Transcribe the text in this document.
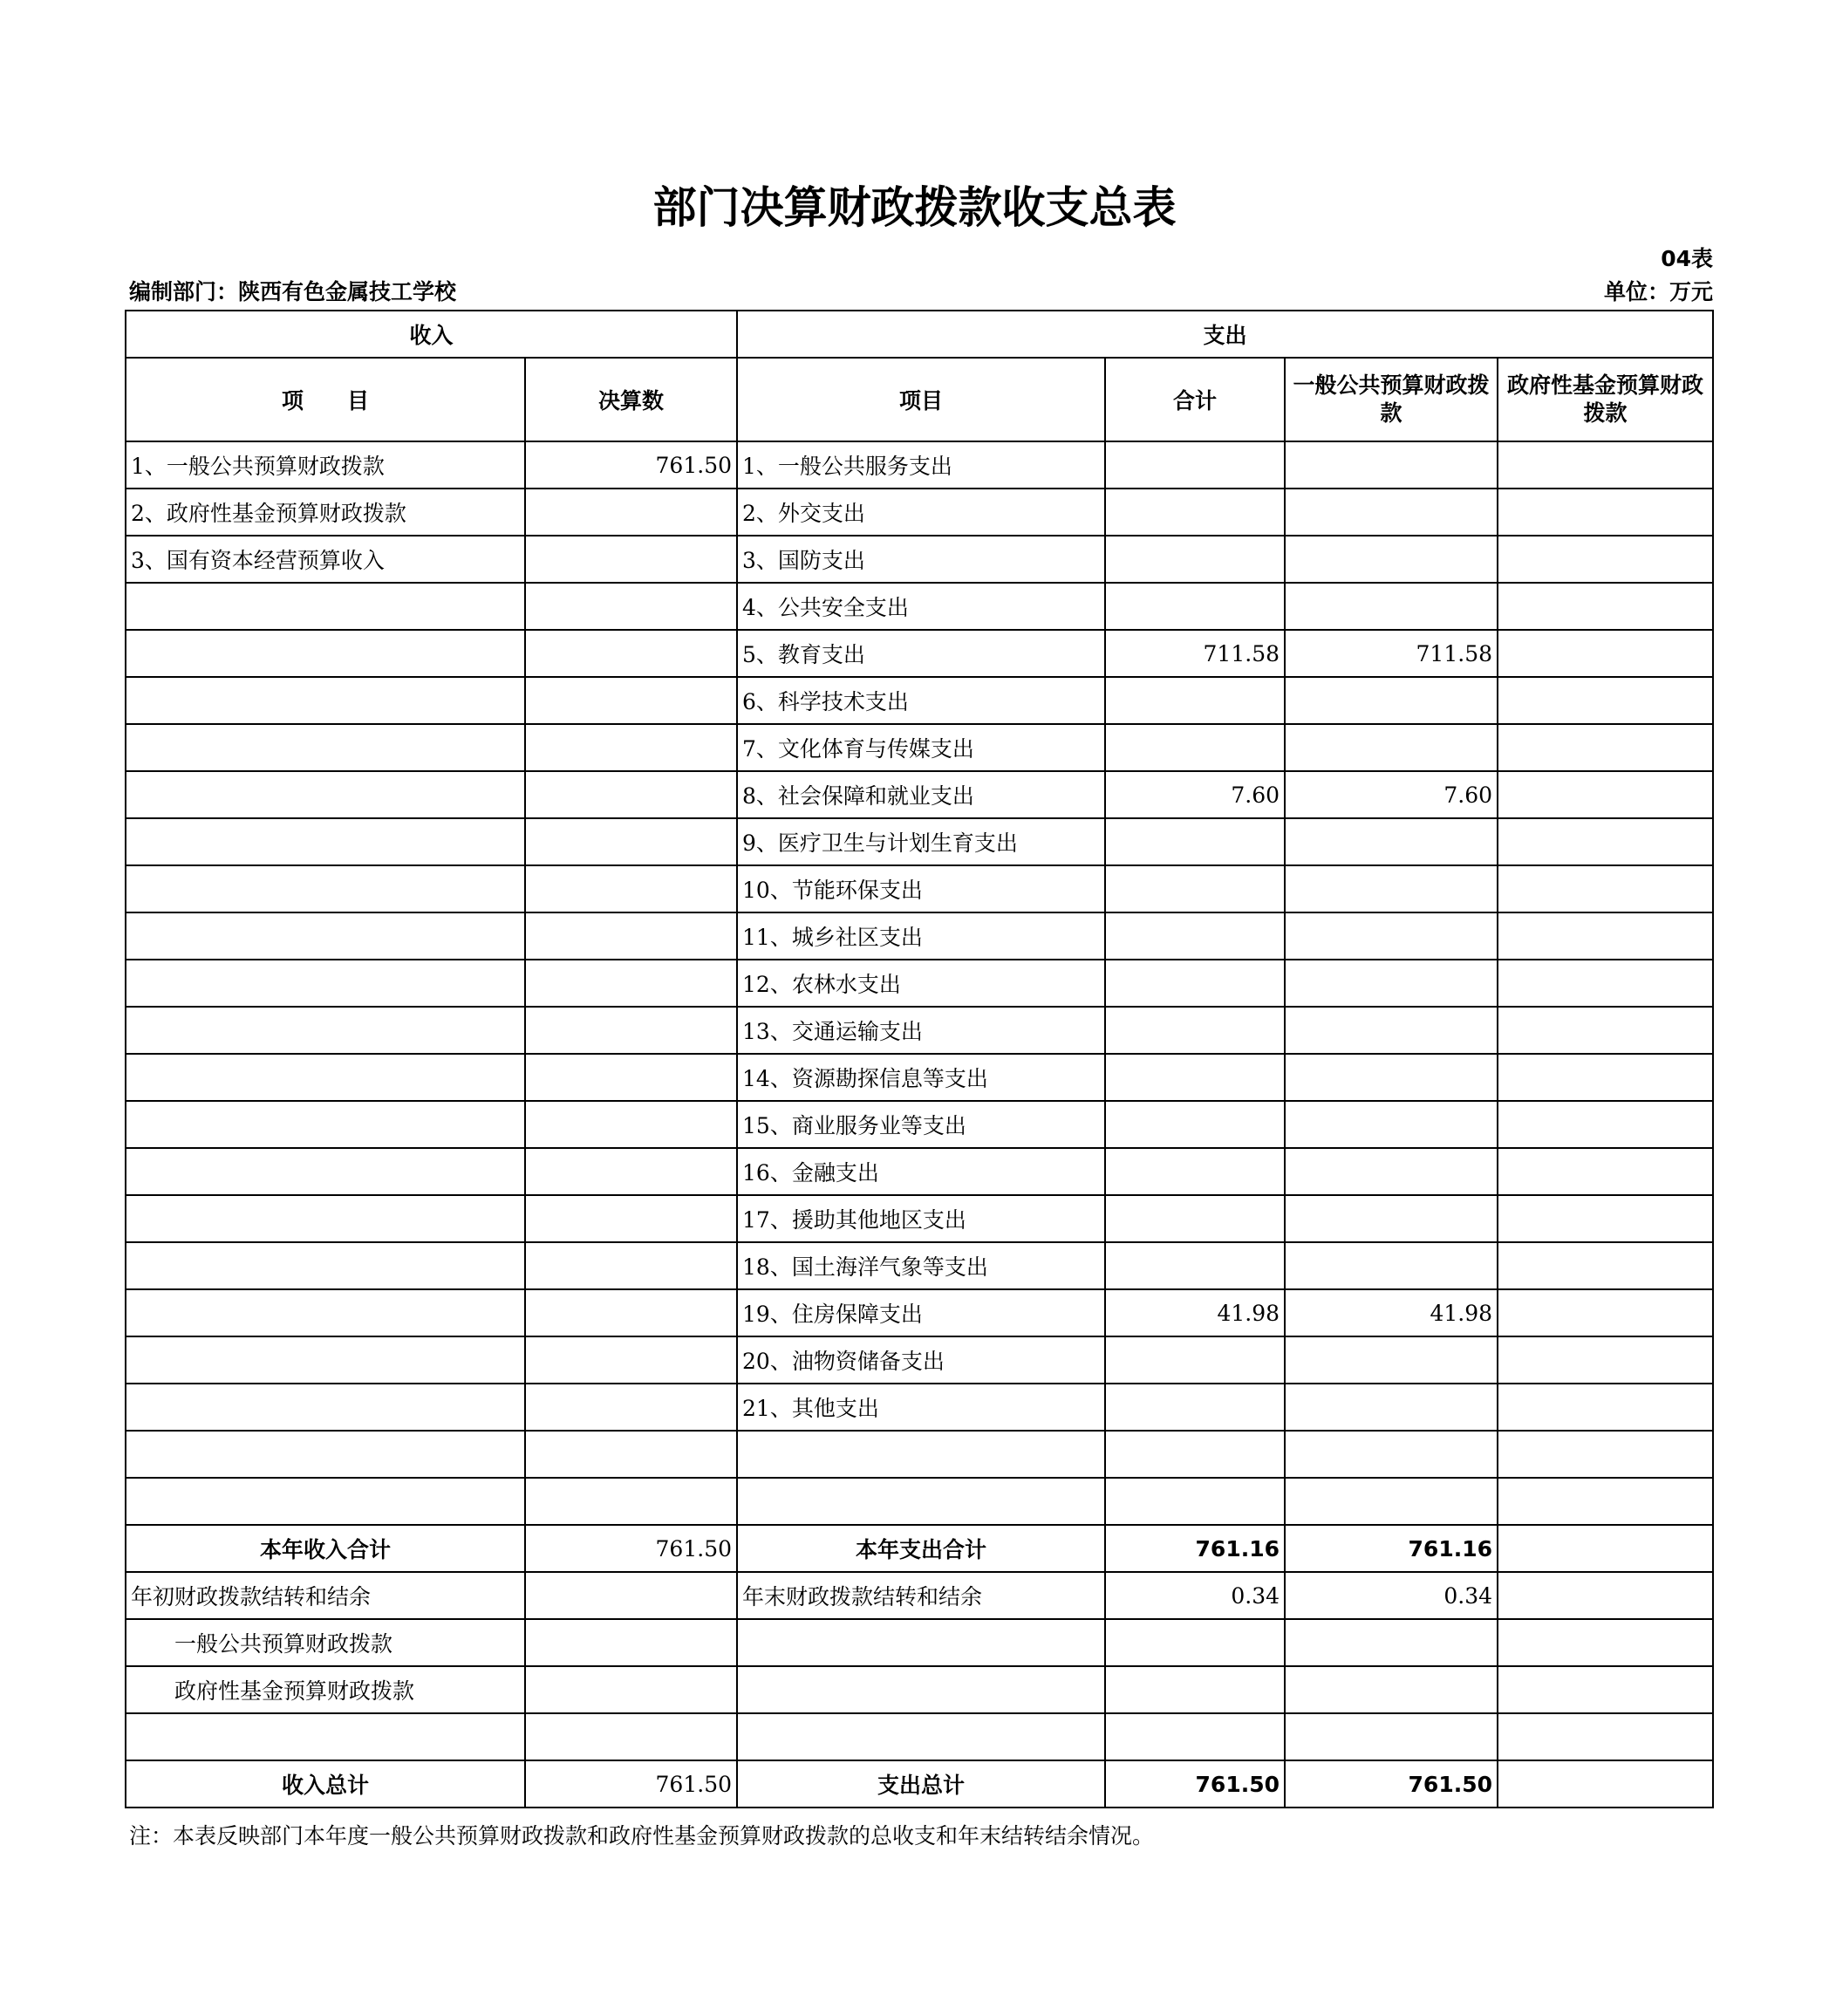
部门决算财政拨款收支总表
04表
编制部门：陕西有色金属技工学校	单位：万元
收入		支出			
项　　目	决算数	项目	合计	一般公共预算财政拨款	政府性基金预算财政拨款
1、一般公共预算财政拨款	761.50	1、一般公共服务支出			
2、政府性基金预算财政拨款		2、外交支出			
3、国有资本经营预算收入		3、国防支出			
		4、公共安全支出			
		5、教育支出	711.58	711.58	
		6、科学技术支出			
		7、文化体育与传媒支出			
		8、社会保障和就业支出	7.60	7.60	
		9、医疗卫生与计划生育支出			
		10、节能环保支出			
		11、城乡社区支出			
		12、农林水支出			
		13、交通运输支出			
		14、资源勘探信息等支出			
		15、商业服务业等支出			
		16、金融支出			
		17、援助其他地区支出			
		18、国土海洋气象等支出			
		19、住房保障支出	41.98	41.98	
		20、油物资储备支出			
		21、其他支出			

本年收入合计	761.50	本年支出合计	761.16	761.16	
年初财政拨款结转和结余		年末财政拨款结转和结余	0.34	0.34	
一般公共预算财政拨款					
政府性基金预算财政拨款					

收入总计	761.50	支出总计	761.50	761.50	
注：本表反映部门本年度一般公共预算财政拨款和政府性基金预算财政拨款的总收支和年末结转结余情况。
